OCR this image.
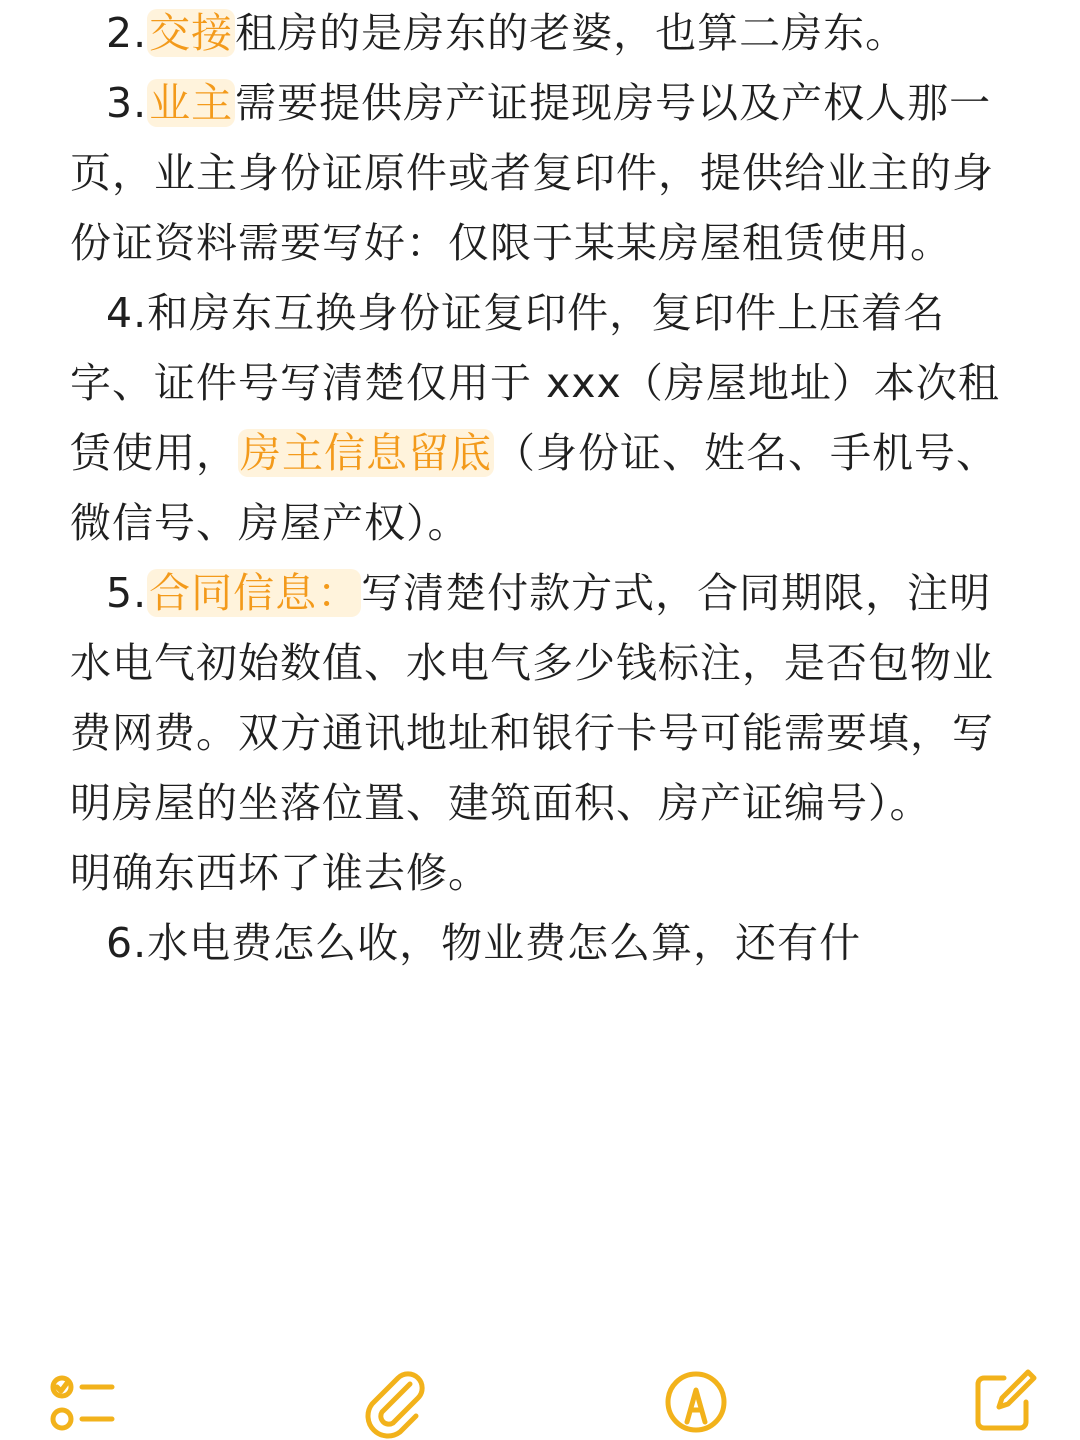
2.交接租房的是房东的老婆，也算二房东。

3.业主需要提供房产证提现房号以及产权人那一页，业主身份证原件或者复印件，提供给业主的身份证资料需要写好：仅限于某某房屋租赁使用。

4.和房东互换身份证复印件，复印件上压着名字、证件号写清楚仅用于 xxx（房屋地址）本次租赁使用，房主信息留底（身份证、姓名、手机号、微信号、房屋产权）。

5.合同信息：写清楚付款方式，合同期限，注明水电气初始数值、水电气多少钱标注，是否包物业费网费。双方通讯地址和银行卡号可能需要填，写明房屋的坐落位置、建筑面积、房产证编号）。

明确东西坏了谁去修。

6.水电费怎么收，物业费怎么算，还有什
